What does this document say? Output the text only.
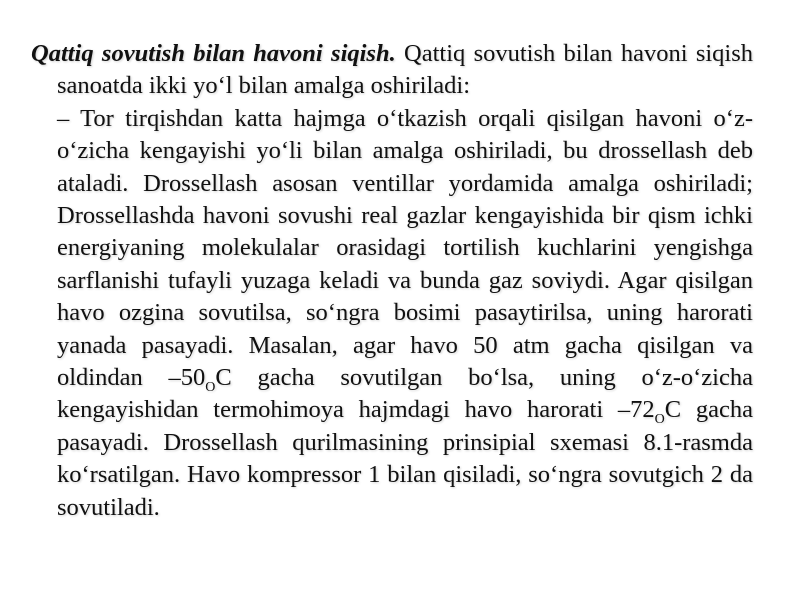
Qattiq sovutish bilan havoni siqish. Qattiq sovutish bilan havoni siqish sanoatda ikki yo‘l bilan amalga oshiriladi:
– Tor tirqishdan katta hajmga o‘tkazish orqali qisilgan havoni o‘z-o‘zicha kengayishi yo‘li bilan amalga oshiriladi, bu drossellash deb ataladi. Drossellash asosan ventillar yordamida amalga oshiriladi; Drossellashda havoni sovushi real gazlar kengayishida bir qism ichki energiyaning molekulalar orasidagi tortilish kuchlarini yengishga sarflanishi tufayli yuzaga keladi va bunda gaz soviydi. Agar qisilgan havo ozgina sovutilsa, so‘ngra bosimi pasaytirilsa, uning harorati yanada pasayadi. Masalan, agar havo 50 atm gacha qisilgan va oldindan $-50_OC$ gacha sovutilgan bo‘lsa, uning o‘z-o‘zicha kengayishidan termohimoya hajmdagi havo harorati $-72_OC$ gacha pasayadi. Drossellash qurilmasining prinsipial sxemasi 8.1-rasmda ko‘rsatilgan. Havo kompressor 1 bilan qisiladi, so‘ngra sovutgich 2 da sovutiladi.
